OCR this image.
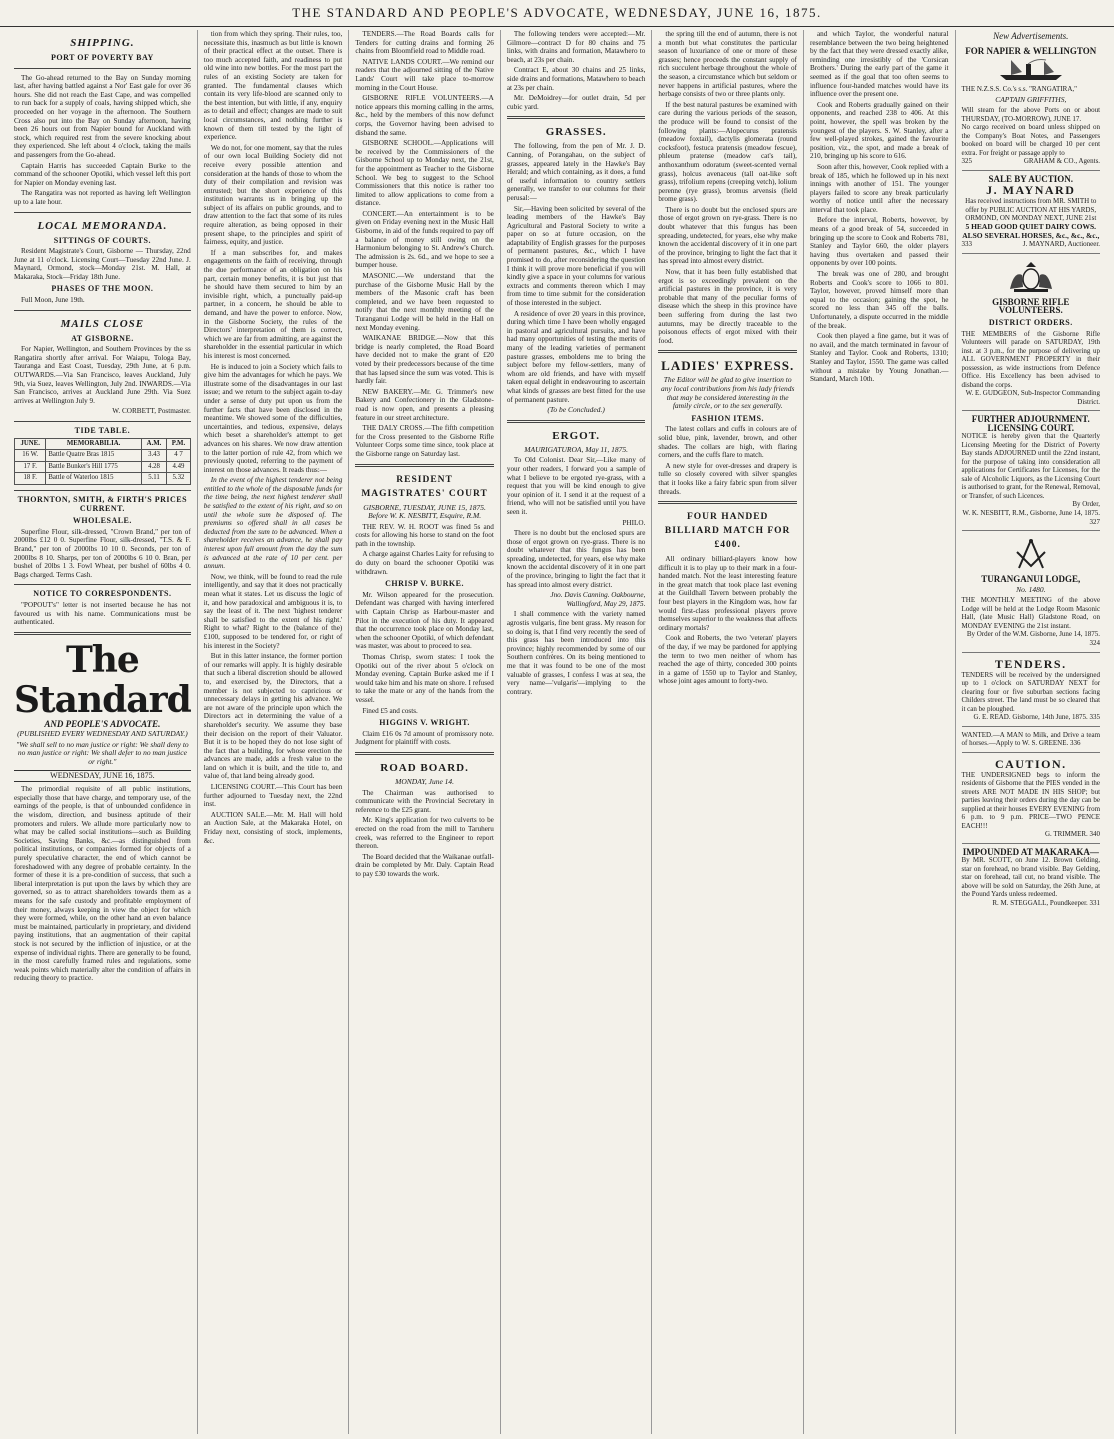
THE STANDARD AND PEOPLE'S ADVOCATE, WEDNESDAY, JUNE 16, 1875.
SHIPPING.
PORT OF POVERTY BAY

The Go-ahead returned to the Bay on Sunday morning last, after having battled against a Nor' East gale for over 36 hours. She did not reach the East Cape, and was compelled to run back for a supply of coals, having shipped which, she proceeded on her voyage in the afternoon. The Southern Cross also put into the Bay on Sunday afternoon, having been 26 hours out from Napier bound for Auckland with stock, which required rest from the severe knocking about they experienced. She left about 4 o'clock, taking the mails and passengers from the Go-ahead.

Captain Harris has succeeded Captain Burke to the command of the schooner Opotiki, which vessel left this port for Napier on Monday evening last.

The Rangatira was not reported as having left Wellington up to a late hour.

LOCAL MEMORANDA.
SITTINGS OF COURTS.

Resident Magistrate's Court, Gisborne — Thursday, 22nd June at 11 o'clock. Licensing Court—Tuesday 22nd June. J. Maynard, Ormond, stock—Monday 21st. M. Hall, at Makaraka, Stock—Friday 18th June.

PHASES OF THE MOON.

Full Moon, June 19th.

MAILS CLOSE
AT GISBORNE.

For Napier, Wellington, and Southern Provinces by the ss Rangatira shortly after arrival. For Waiapu, Tologa Bay, Tauranga and East Coast, Tuesday, 29th June, at 6 p.m. OUTWARDS.—Via San Francisco, leaves Auckland, July 9th, via Suez, leaves Wellington, July 2nd. INWARDS.—Via San Francisco, arrives at Auckland June 29th. Via Suez arrives at Wellington July 9.

W. CORBETT, Postmaster.

TIDE TABLE.
JUNE.	MEMORABILIA.	A.M.	P.M.
16 W.	Battle Quatre Bras 1815	3.43	4 7
17 F.	Battle Bunker's Hill 1775	4.28	4.49
18 F.	Battle of Waterloo 1815	5.11	5.32
THORNTON, SMITH, & FIRTH'S PRICES CURRENT.
WHOLESALE.

Superfine Flour, silk-dressed, "Crown Brand," per ton of 2000lbs £12 0 0. Superfine Flour, silk-dressed, "T.S. & F. Brand," per ton of 2000lbs 10 10 0. Seconds, per ton of 2000lbs 8 10. Sharps, per ton of 2000lbs 6 10 0. Bran, per bushel of 20lbs 1 3. Fowl Wheat, per bushel of 60lbs 4 0. Bags charged. Terms Cash.

NOTICE TO CORRESPONDENTS.

"POPOUT's" letter is not inserted because he has not favoured us with his name. Communications must be authenticated.

The Standard
AND PEOPLE'S ADVOCATE.
(PUBLISHED EVERY WEDNESDAY AND SATURDAY.)
"We shall sell to no man justice or right: We shall deny to no man justice or right: We shall defer to no man justice or right."
WEDNESDAY, JUNE 16, 1875.

The primordial requisite of all public institutions, especially those that have charge, and temporary use, of the earnings of the people, is that of unbounded confidence in the wisdom, direction, and business aptitude of their promoters and rulers. We allude more particularly now to what may be called social institutions—such as Building Societies, Saving Banks, &c.—as distinguished from political institutions, or companies formed for objects of a purely speculative character, the end of which cannot be foreshadowed with any degree of probable certainty. In the former of these it is a pre-condition of success, that such a liberal interpretation is put upon the laws by which they are governed, so as to attract shareholders towards them as a means for the safe custody and profitable employment of their money, always keeping in view the object for which they were formed, while, on the other hand an even balance must be maintained, particularly in proprietary, and dividend paying institutions, that an augmentation of their capital stock is not secured by the infliction of injustice, or at the expense of individual rights. There are generally to be found, in the most carefully framed rules and regulations, some weak points which materially alter the condition of affairs in reducing theory to practice.

tion from which they spring. Their rules, too, necessitate this, inasmuch as but little is known of their practical effect at the outset. There is too much accepted faith, and readiness to put old wine into new bottles. For the most part the rules of an existing Society are taken for granted. The fundamental clauses which contain its very life-blood are scanned only to the best intention, but with little, if any, enquiry as to detail and effect; changes are made to suit local circumstances, and nothing further is known of them till tested by the light of experience.

We do not, for one moment, say that the rules of our own local Building Society did not receive every possible attention and consideration at the hands of those to whom the duty of their compilation and revision was entrusted; but the short experience of this institution warrants us in bringing up the subject of its affairs on public grounds, and to draw attention to the fact that some of its rules require alteration, as being opposed in their present shape, to the principles and spirit of fairness, equity, and justice.

If a man subscribes for, and makes engagements on the faith of receiving, through the due performance of an obligation on his part, certain money benefits, it is but just that he should have them secured to him by an invisible right, which, a punctually paid-up partner, in a concern, he should be able to demand, and have the power to enforce. Now, in the Gisborne Society, the rules of the Directors' interpretation of them is correct, which we are far from admitting, are against the shareholder in the essential particular in which his interest is most concerned.

He is induced to join a Society which fails to give him the advantages for which he pays. We illustrate some of the disadvantages in our last issue; and we return to the subject again to-day under a sense of duty put upon us from the further facts that have been disclosed in the meantime. We showed some of the difficulties, uncertainties, and tedious, expensive, delays which beset a shareholder's attempt to get advances on his shares. We now draw attention to the latter portion of rule 42, from which we previously quoted, referring to the payment of interest on those advances. It reads thus:—

In the event of the highest tenderer not being entitled to the whole of the disposable funds for the time being, the next highest tenderer shall be satisfied to the extent of his right, and so on until the whole sum be disposed of. The premiums so offered shall in all cases be deducted from the sum to be advanced. When a shareholder receives an advance, he shall pay interest upon full amount from the day the sum is advanced at the rate of 10 per cent. per annum.

Now, we think, will be found to read the rule intelligently, and say that it does not practically mean what it states. Let us discuss the logic of it, and how paradoxical and ambiguous it is, to say the least of it. The next 'highest tenderer shall be satisfied to the extent of his right.' Right to what? Right to the (balance of the) £100, supposed to be tendered for, or right of his interest in the Society?

But in this latter instance, the former portion of our remarks will apply. It is highly desirable that such a liberal discretion should be allowed to, and exercised by, the Directors, that a member is not subjected to capricious or unnecessary delays in getting his advance. We are not aware of the principle upon which the Directors act in determining the value of a shareholder's security. We assume they base their decision on the report of their Valuator. But it is to be hoped they do not lose sight of the fact that a building, for whose erection the advances are made, adds a fresh value to the land on which it is built, and the title to, and value of, that land being already good.

LICENSING COURT.—This Court has been further adjourned to Tuesday next, the 22nd inst.

AUCTION SALE.—Mr. M. Hall will hold an Auction Sale, at the Makaraka Hotel, on Friday next, consisting of stock, implements, &c.

TENDERS.—The Road Boards calls for Tenders for cutting drains and forming 26 chains from Bloomfield road to Middle road.

NATIVE LANDS COURT.—We remind our readers that the adjourned sitting of the Native Lands' Court will take place to-morrow morning in the Court House.

GISBORNE RIFLE VOLUNTEERS.—A notice appears this morning calling in the arms, &c., held by the members of this now defunct corps, the Governor having been advised to disband the same.

GISBORNE SCHOOL.—Applications will be received by the Commissioners of the Gisborne School up to Monday next, the 21st, for the appointment as Teacher to the Gisborne School. We beg to suggest to the School Commissioners that this notice is rather too limited to allow applications to come from a distance.

CONCERT.—An entertainment is to be given on Friday evening next in the Music Hall Gisborne, in aid of the funds required to pay off a balance of money still owing on the Harmonium belonging to St. Andrew's Church. The admission is 2s. 6d., and we hope to see a bumper house.

MASONIC.—We understand that the purchase of the Gisborne Music Hall by the members of the Masonic craft has been completed, and we have been requested to notify that the next monthly meeting of the Turanganui Lodge will be held in the Hall on next Monday evening.

WAIKANAE BRIDGE.—Now that this bridge is nearly completed, the Road Board have decided not to make the grant of £20 voted by their predecessors because of the time that has lapsed since the sum was voted. This is hardly fair.

NEW BAKERY.—Mr. G. Trimmer's new Bakery and Confectionery in the Gladstone-road is now open, and presents a pleasing feature in our street architecture.

THE DALY CROSS.—The fifth competition for the Cross presented to the Gisborne Rifle Volunteer Corps some time since, took place at the Gisborne range on Saturday last.

RESIDENT MAGISTRATES' COURT
GISBORNE, TUESDAY, JUNE 15, 1875. Before W. K. NESBITT, Esquire, R.M.

THE REV. W. H. ROOT was fined 5s and costs for allowing his horse to stand on the foot path in the township.

A charge against Charles Laity for refusing to do duty on board the schooner Opotiki was withdrawn.

CHRISP V. BURKE.

Mr. Wilson appeared for the prosecution. Defendant was charged with having interfered with Captain Chrisp as Harbour-master and Pilot in the execution of his duty. It appeared that the occurrence took place on Monday last, when the schooner Opotiki, of which defendant was master, was about to proceed to sea.

Thomas Chrisp, sworn states: I took the Opotiki out of the river about 5 o'clock on Monday evening. Captain Burke asked me if I would take him and his mate on shore. I refused to take the mate or any of the hands from the vessel.

Fined £5 and costs.

HIGGINS V. WRIGHT.

Claim £16 0s 7d amount of promissory note. Judgment for plaintiff with costs.

ROAD BOARD.
MONDAY, June 14.

The Chairman was authorised to communicate with the Provincial Secretary in reference to the £25 grant.

Mr. King's application for two culverts to be erected on the road from the mill to Taruheru creek, was referred to the Engineer to report thereon.

The Board decided that the Waikanae outfall-drain be completed by Mr. Daly. Captain Read to pay £30 towards the work.

The following tenders were accepted:—Mr. Gilmore—contract D for 80 chains and 75 links, with drains and formation, Matawhero to beach, at 23s per chain.

Contract E, about 30 chains and 25 links, side drains and formations, Matawhero to beach at 23s per chain.

Mr. DeMoidrey—for outlet drain, 5d per cubic yard.

GRASSES.

The following, from the pen of Mr. J. D. Canning, of Porangahau, on the subject of grasses, appeared lately in the Hawke's Bay Herald; and which containing, as it does, a fund of useful information to country settlers generally, we transfer to our columns for their perusal:—

Sir,—Having been solicited by several of the leading members of the Hawke's Bay Agricultural and Pastoral Society to write a paper on so at future occasion, on the adaptability of English grasses for the purposes of permanent pastures, &c., which I have promised to do, after reconsidering the question I think it will prove more beneficial if you will kindly give a space in your columns for various extracts and comments thereon which I may from time to time submit for the consideration of those interested in the subject.

A residence of over 20 years in this province, during which time I have been wholly engaged in pastoral and agricultural pursuits, and have had many opportunities of testing the merits of many of the leading varieties of permanent pasture grasses, emboldens me to bring the subject before my fellow-settlers, many of whom are old friends, and have with myself taken equal delight in endeavouring to ascertain what kinds of grasses are best fitted for the use of permanent pasture.

(To be Concluded.)
ERGOT.
MAURIGATUROA, May 11, 1875.

To Old Colonist. Dear Sir,—Like many of your other readers, I forward you a sample of what I believe to be ergoted rye-grass, with a request that you will be kind enough to give your opinion of it. I send it at the request of a friend, who will not be satisfied until you have seen it.

PHILO.

There is no doubt but the enclosed spurs are those of ergot grown on rye-grass. There is no doubt whatever that this fungus has been spreading, undetected, for years, else why make known the accidental discovery of it in one part of the province, bringing to light the fact that it has spread into almost every district.

Jno. Davis Canning. Oakbourne, Wallingford, May 29, 1875.

I shall commence with the variety named agrostis vulgaris, fine bent grass. My reason for so doing is, that I find very recently the seed of this grass has been introduced into this province; highly recommended by some of our Southern confrères. On its being mentioned to me that it was found to be one of the most valuable of grasses, I confess I was at sea, the very name—'vulgaris'—implying to the contrary.

the spring till the end of autumn, there is not a month but what constitutes the particular season of luxuriance of one or more of these grasses; hence proceeds the constant supply of rich succulent herbage throughout the whole of the season, a circumstance which but seldom or never happens in artificial pastures, where the herbage consists of two or three plants only.

If the best natural pastures be examined with care during the various periods of the season, the produce will be found to consist of the following plants:—Alopecurus pratensis (meadow foxtail), dactylis glomerata (round cocksfoot), festuca pratensis (meadow fescue), phleum pratense (meadow cat's tail), anthoxanthum odoratum (sweet-scented vernal grass), holcus avenaceus (tall oat-like soft grass), trifolium repens (creeping vetch), lolium perenne (rye grass), bromus arvensis (field brome grass).

There is no doubt but the enclosed spurs are those of ergot grown on rye-grass. There is no doubt whatever that this fungus has been spreading, undetected, for years, else why make known the accidental discovery of it in one part of the province, bringing to light the fact that it has spread into almost every district.

Now, that it has been fully established that ergot is so exceedingly prevalent on the artificial pastures in the province, it is very probable that many of the peculiar forms of disease which the sheep in this province have been suffering from during the last two autumns, may be directly traceable to the poisonous effects of ergot mixed with their food.

LADIES' EXPRESS.
The Editor will be glad to give insertion to any local contributions from his lady friends that may be considered interesting in the family circle, or to the sex generally.
FASHION ITEMS.

The latest collars and cuffs in colours are of solid blue, pink, lavender, brown, and other shades. The collars are high, with flaring corners, and the cuffs flare to match.

A new style for over-dresses and drapery is tulle so closely covered with silver spangles that it looks like a fairy fabric spun from silver threads.

FOUR HANDED BILLIARD MATCH FOR £400.

All ordinary billiard-players know how difficult it is to play up to their mark in a four-handed match. Not the least interesting feature in the great match that took place last evening at the Guildhall Tavern between probably the four best players in the Kingdom was, how far would first-class professional players prove themselves superior to the weakness that affects ordinary mortals?

Cook and Roberts, the two 'veteran' players of the day, if we may be pardoned for applying the term to two men neither of whom has reached the age of thirty, conceded 300 points in a game of 1550 up to Taylor and Stanley, whose joint ages amount to forty-two.

and which Taylor, the wonderful natural resemblance between the two being heightened by the fact that they were dressed exactly alike, reminding one irresistibly of the 'Corsican Brothers.' During the early part of the game it seemed as if the goal that too often seems to influence four-handed matches would have its influence over the present one.

Cook and Roberts gradually gained on their opponents, and reached 238 to 406. At this point, however, the spell was broken by the youngest of the players. S. W. Stanley, after a few well-played strokes, gained the favourite position, viz., the spot, and made a break of 210, bringing up his score to 616.

Soon after this, however, Cook replied with a break of 185, which he followed up in his next innings with another of 151. The younger players failed to score any break particularly worthy of notice until after the necessary interval that took place.

Before the interval, Roberts, however, by means of a good break of 54, succeeded in bringing up the score to Cook and Roberts 781, Stanley and Taylor 660, the older players having thus overtaken and passed their opponents by over 100 points.

The break was one of 280, and brought Roberts and Cook's score to 1066 to 801. Taylor, however, proved himself more than equal to the occasion; gaining the spot, he scored no less than 345 off the balls. Unfortunately, a dispute occurred in the middle of the break.

Cook then played a fine game, but it was of no avail, and the match terminated in favour of Stanley and Taylor. Cook and Roberts, 1310; Stanley and Taylor, 1550. The game was called without a mistake by Young Jonathan.—Standard, March 10th.

New Advertisements.
FOR NAPIER & WELLINGTON
THE N.Z.S.S. Co.'s s.s. "RANGATIRA,"
CAPTAIN GRIFFITHS,
Will steam for the above Ports on or about THURSDAY, (TO-MORROW), JUNE 17.
No cargo received on board unless shipped on the Company's Boat Notes, and Passengers booked on board will be charged 10 per cent extra. For freight or passage apply to
325	GRAHAM & CO., Agents.
SALE BY AUCTION.
J. MAYNARD
Has received instructions from MR. SMITH to offer by PUBLIC AUCTION AT HIS YARDS, ORMOND, ON MONDAY NEXT, JUNE 21st
5 HEAD GOOD QUIET DAIRY COWS. ALSO SEVERAL HORSES, &c., &c., &c.,
333	J. MAYNARD, Auctioneer.
GISBORNE RIFLE VOLUNTEERS.
DISTRICT ORDERS.
THE MEMBERS of the Gisborne Rifle Volunteers will parade on SATURDAY, 19th inst. at 3 p.m., for the purpose of delivering up ALL GOVERNMENT PROPERTY in their possession, as wide instructions from Defence Office. His Excellency has been advised to disband the corps.
W. E. GUDGEON, Sub-Inspector Commanding District.
FURTHER ADJOURNMENT.
LICENSING COURT.
NOTICE is hereby given that the Quarterly Licensing Meeting for the District of Poverty Bay stands ADJOURNED until the 22nd instant, for the purpose of taking into consideration all applications for Certificates for Licenses, for the sale of Alcoholic Liquors, as the Licensing Court is authorised to grant, for the Renewal, Removal, or Transfer, of such Licences.
By Order,
W. K. NESBITT, R.M., Gisborne, June 14, 1875. 327
TURANGANUI LODGE,
No. 1480.
THE MONTHLY MEETING of the above Lodge will be held at the Lodge Room Masonic Hall, (late Music Hall) Gladstone Road, on MONDAY EVENING the 21st instant.
By Order of the W.M. Gisborne, June 14, 1875. 324
TENDERS.
TENDERS will be received by the undersigned up to 1 o'clock on SATURDAY NEXT for clearing four or five suburban sections facing Childers street. The land must be so cleared that it can be ploughed.
G. E. READ. Gisborne, 14th June, 1875. 335
WANTED.—A MAN to Milk, and Drive a team of horses.—Apply to W. S. GREENE. 336
CAUTION.
THE UNDERSIGNED begs to inform the residents of Gisborne that the PIES vended in the streets ARE NOT MADE IN HIS SHOP; but parties leaving their orders during the day can be supplied at their houses EVERY EVENING from 6 p.m. to 9 p.m. PRICE—TWO PENCE EACH!!!
G. TRIMMER. 340
IMPOUNDED AT MAKARAKA—
By MR. SCOTT, on June 12. Brown Gelding, star on forehead, no brand visible. Bay Gelding, star on forehead, tail cut, no brand visible. The above will be sold on Saturday, the 26th June, at the Pound Yards unless redeemed.
R. M. STEGGALL, Poundkeeper. 331
